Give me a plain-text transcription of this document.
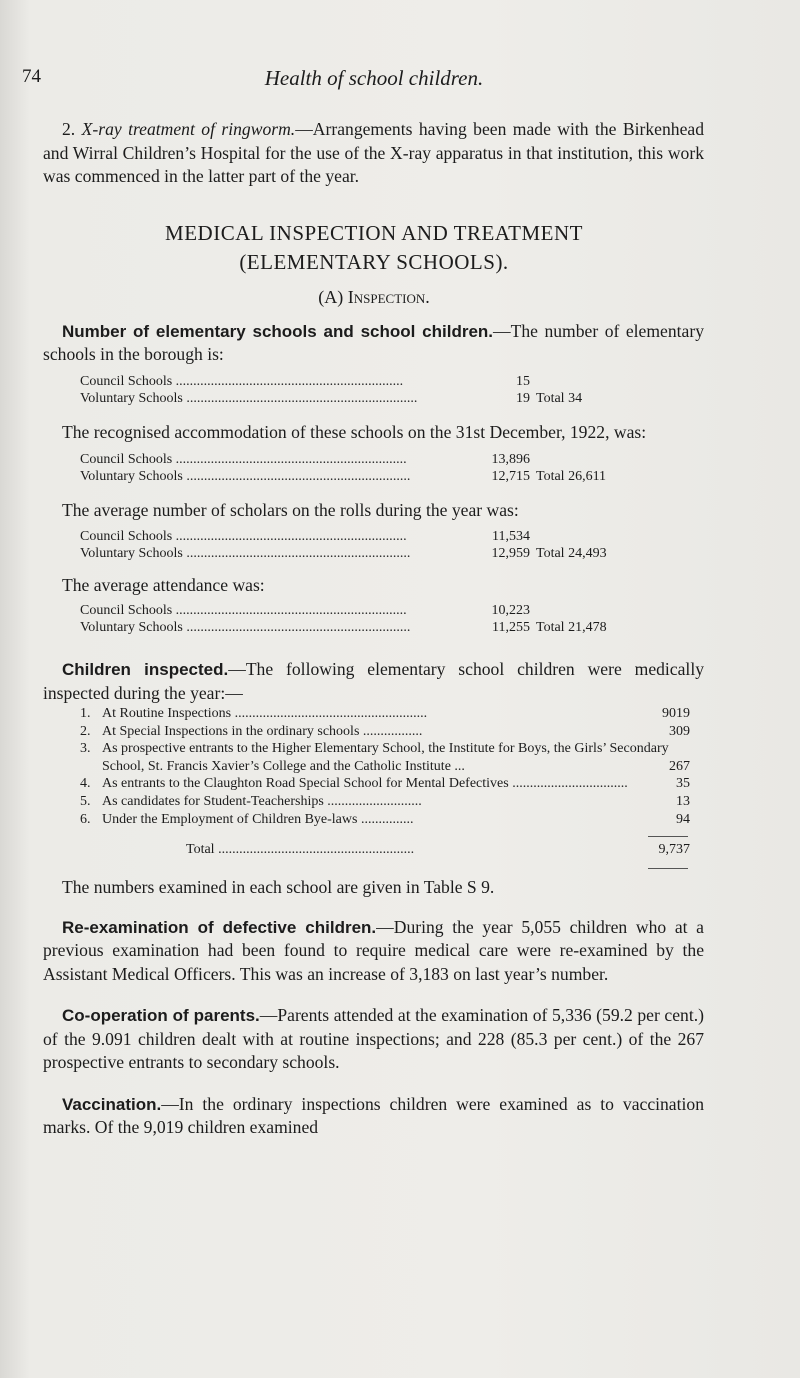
74	Health of school children.

2. X-ray treatment of ringworm.—Arrangements having been made with the Birkenhead and Wirral Children’s Hospital for the use of the X-ray apparatus in that institution, this work was commenced in the latter part of the year.

MEDICAL INSPECTION AND TREATMENT
(ELEMENTARY SCHOOLS).
(A) Inspection.

Number of elementary schools and school children.—The number of elementary schools in the borough is:

Council Schools .................................................................	15	
Voluntary Schools ..................................................................	19	Total 34

The recognised accommodation of these schools on the 31st December, 1922, was:

Council Schools ..................................................................	13,896	
Voluntary Schools ................................................................	12,715	Total 26,611

The average number of scholars on the rolls during the year was:

Council Schools ..................................................................	11,534	
Voluntary Schools ................................................................	12,959	Total 24,493

The average attendance was:

Council Schools ..................................................................	10,223	
Voluntary Schools ................................................................	11,255	Total 21,478

Children inspected.—The following elementary school children were medically inspected during the year:—

1. At Routine Inspections .......................................................	9019
2. At Special Inspections in the ordinary schools .................	309
3. As prospective entrants to the Higher Elementary School, the Institute for Boys, the Girls’ Secondary School, St. Francis Xavier’s College and the Catholic Institute ...	267
4. As entrants to the Claughton Road Special School for Mental Defectives .................................	35
5. As candidates for Student-Teacherships ...........................	13
6. Under the Employment of Children Bye-laws ...............	94
Total ........................................................	9,737

The numbers examined in each school are given in Table S 9.

Re-examination of defective children.—During the year 5,055 children who at a previous examination had been found to require medical care were re-examined by the Assistant Medical Officers. This was an increase of 3,183 on last year’s number.

Co-operation of parents.—Parents attended at the examination of 5,336 (59.2 per cent.) of the 9.091 children dealt with at routine inspections; and 228 (85.3 per cent.) of the 267 prospective entrants to secondary schools.

Vaccination.—In the ordinary inspections children were examined as to vaccination marks. Of the 9,019 children examined
